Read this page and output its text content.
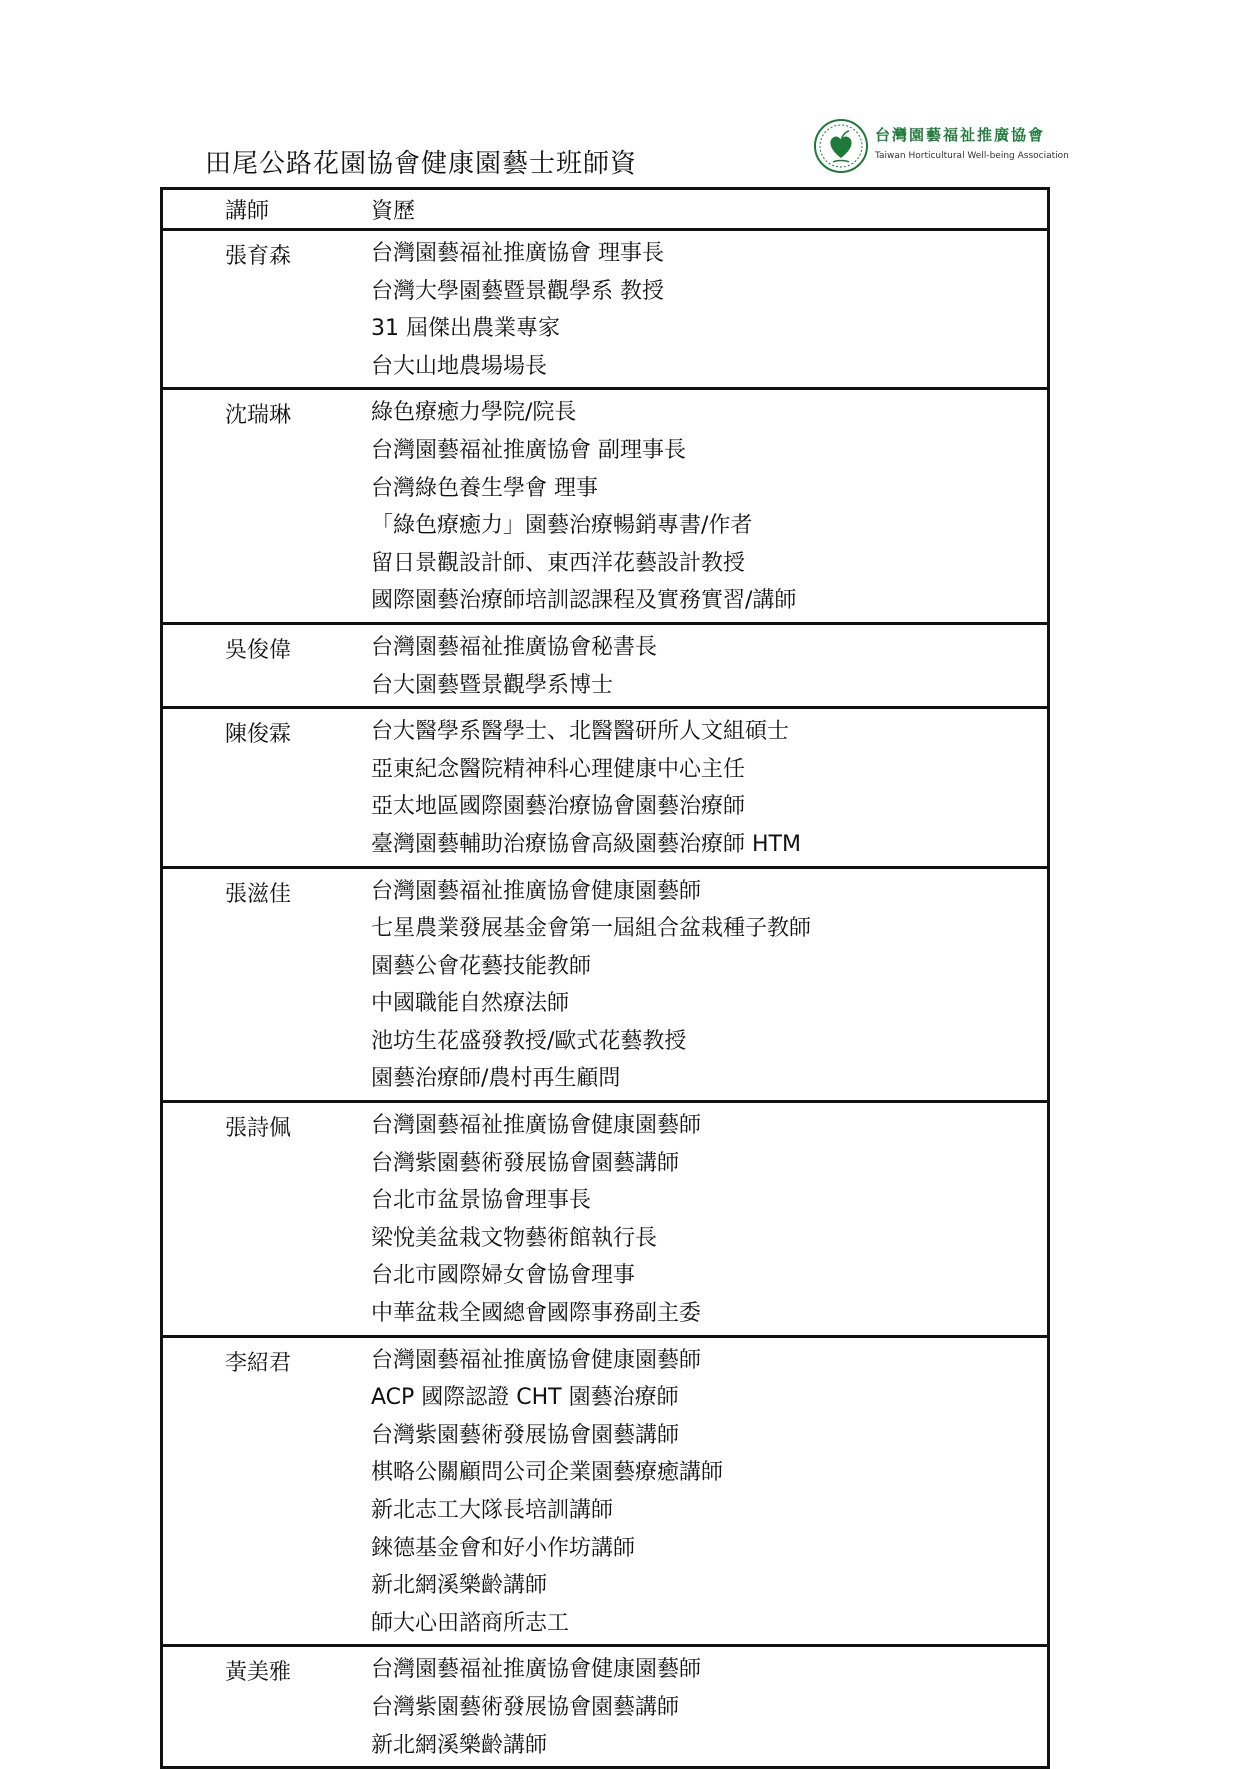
田尾公路花園協會健康園藝士班師資
台灣園藝福祉推廣協會
Taiwan Horticultural Well-being Association
講師	資歷
張育森	台灣園藝福祉推廣協會 理事長
台灣大學園藝暨景觀學系 教授
31 屆傑出農業專家
台大山地農場場長
沈瑞琳	綠色療癒力學院/院長
台灣園藝福祉推廣協會 副理事長
台灣綠色養生學會 理事
「綠色療癒力」園藝治療暢銷專書/作者
留日景觀設計師、東西洋花藝設計教授
國際園藝治療師培訓認課程及實務實習/講師
吳俊偉	台灣園藝福祉推廣協會秘書長
台大園藝暨景觀學系博士
陳俊霖	台大醫學系醫學士、北醫醫研所人文組碩士
亞東紀念醫院精神科心理健康中心主任
亞太地區國際園藝治療協會園藝治療師
臺灣園藝輔助治療協會高級園藝治療師 HTM
張滋佳	台灣園藝福祉推廣協會健康園藝師
七星農業發展基金會第一屆組合盆栽種子教師
園藝公會花藝技能教師
中國職能自然療法師
池坊生花盛發教授/歐式花藝教授
園藝治療師/農村再生顧問
張詩佩	台灣園藝福祉推廣協會健康園藝師
台灣紫園藝術發展協會園藝講師
台北市盆景協會理事長
梁悅美盆栽文物藝術館執行長
台北市國際婦女會協會理事
中華盆栽全國總會國際事務副主委
李紹君	台灣園藝福祉推廣協會健康園藝師
ACP 國際認證 CHT 園藝治療師
台灣紫園藝術發展協會園藝講師
棋略公關顧問公司企業園藝療癒講師
新北志工大隊長培訓講師
錸德基金會和好小作坊講師
新北網溪樂齡講師
師大心田諮商所志工
黃美雅	台灣園藝福祉推廣協會健康園藝師
台灣紫園藝術發展協會園藝講師
新北網溪樂齡講師
